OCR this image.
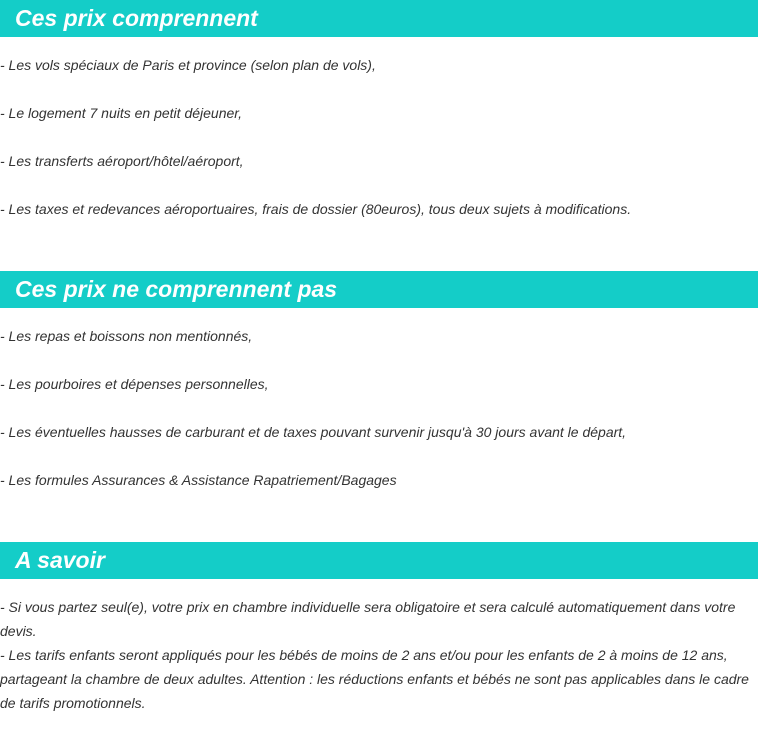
Ces prix comprennent
- Les vols spéciaux de Paris et province (selon plan de vols),
- Le logement 7 nuits en petit déjeuner,
- Les transferts aéroport/hôtel/aéroport,
- Les taxes et redevances aéroportuaires, frais de dossier (80euros), tous deux sujets à modifications.
Ces prix ne comprennent pas
- Les repas et boissons non mentionnés,
- Les pourboires et dépenses personnelles,
- Les éventuelles hausses de carburant et de taxes pouvant survenir jusqu'à 30 jours avant le départ,
- Les formules Assurances & Assistance Rapatriement/Bagages
A savoir
- Si vous partez seul(e), votre prix en chambre individuelle sera obligatoire et sera calculé automatiquement dans votre devis.
- Les tarifs enfants seront appliqués pour les bébés de moins de 2 ans et/ou pour les enfants de 2 à moins de 12 ans, partageant la chambre de deux adultes. Attention : les réductions enfants et bébés ne sont pas applicables dans le cadre de tarifs promotionnels.
